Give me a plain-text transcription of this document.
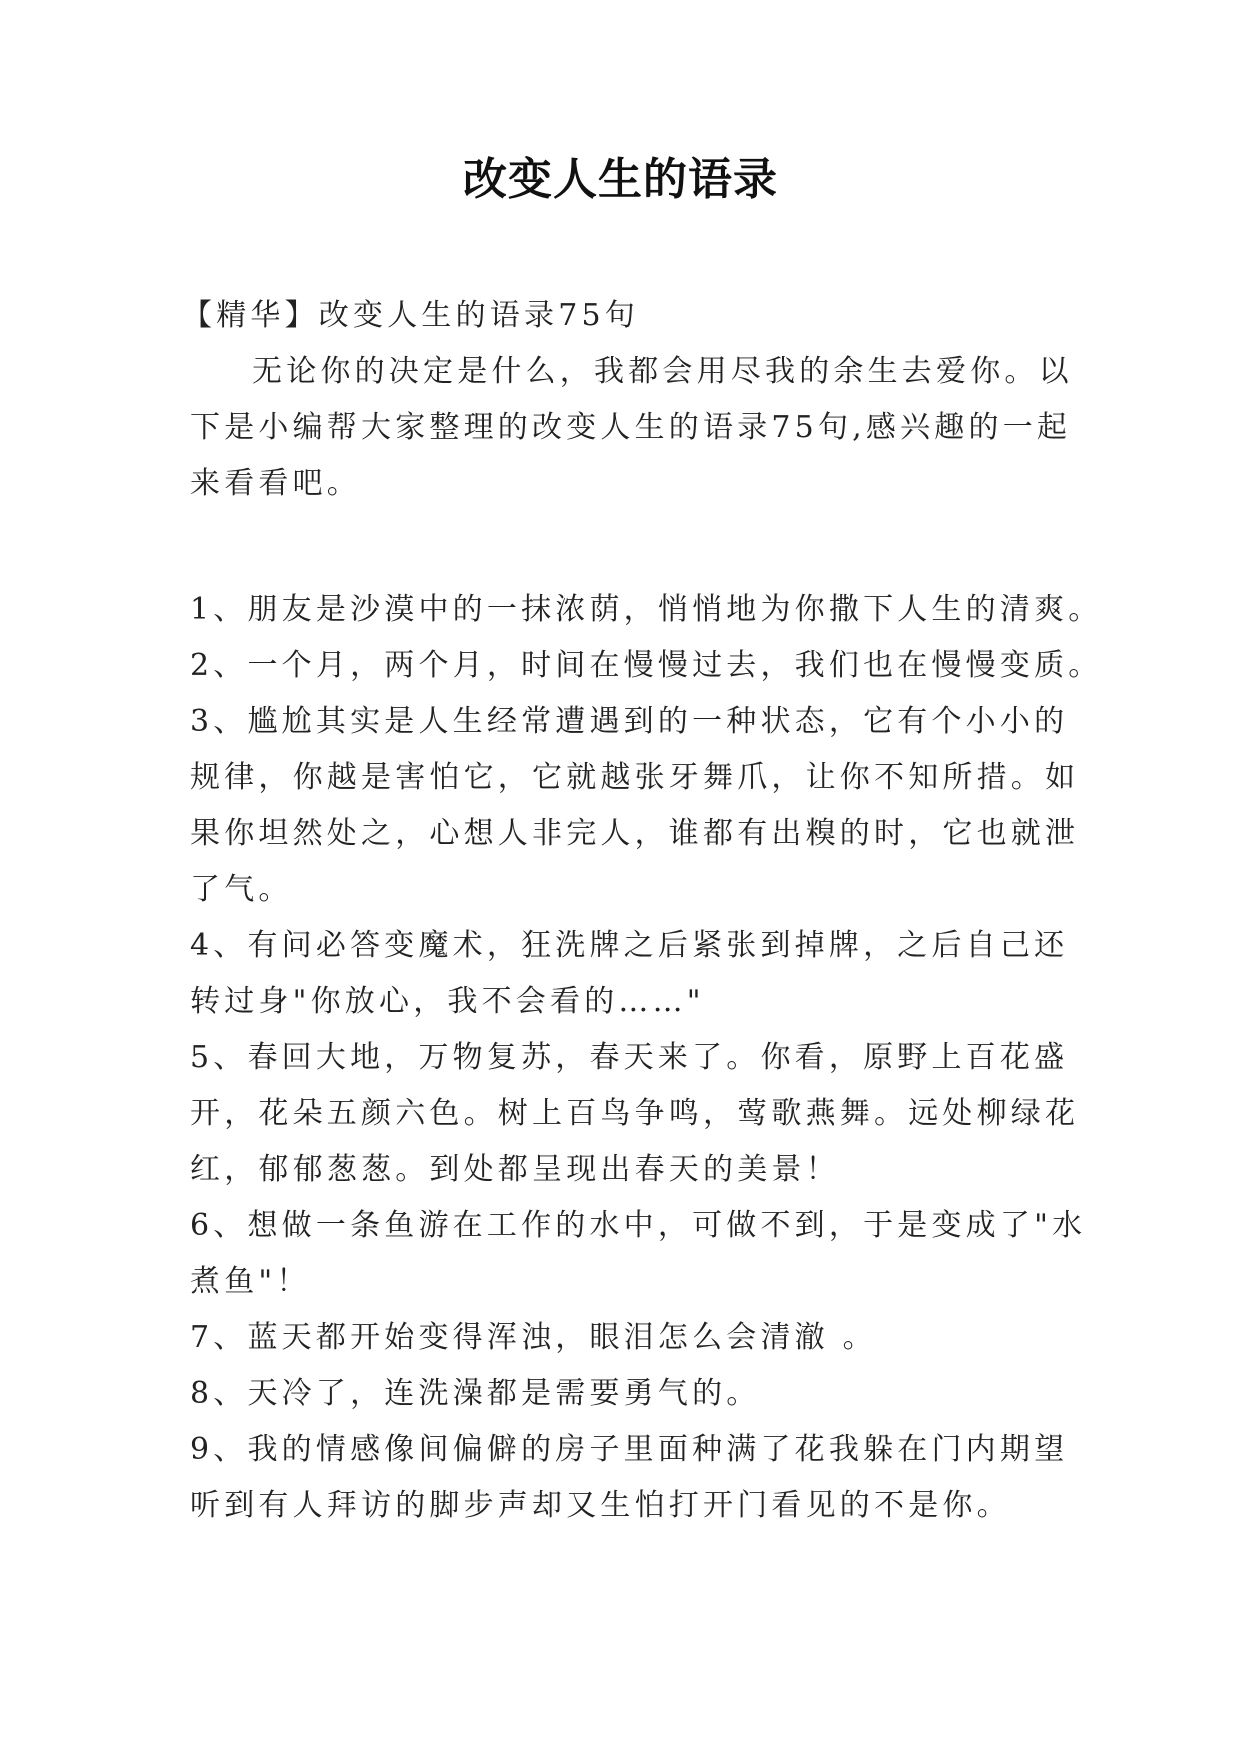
改变人生的语录

【精华】改变人生的语录75句

无论你的决定是什么，我都会用尽我的余生去爱你。以

下是小编帮大家整理的改变人生的语录75句,感兴趣的一起

来看看吧。

1、朋友是沙漠中的一抹浓荫，悄悄地为你撒下人生的清爽。

2、一个月，两个月，时间在慢慢过去，我们也在慢慢变质。

3、尴尬其实是人生经常遭遇到的一种状态，它有个小小的

规律，你越是害怕它，它就越张牙舞爪，让你不知所措。如

果你坦然处之，心想人非完人，谁都有出糗的时，它也就泄

了气。

4、有问必答变魔术，狂洗牌之后紧张到掉牌，之后自己还

转过身"你放心，我不会看的……"

5、春回大地，万物复苏，春天来了。你看，原野上百花盛

开，花朵五颜六色。树上百鸟争鸣，莺歌燕舞。远处柳绿花

红，郁郁葱葱。到处都呈现出春天的美景！

6、想做一条鱼游在工作的水中，可做不到，于是变成了"水

煮鱼"！

7、蓝天都开始变得浑浊，眼泪怎么会清澈 。

8、天冷了，连洗澡都是需要勇气的。

9、我的情感像间偏僻的房子里面种满了花我躲在门内期望

听到有人拜访的脚步声却又生怕打开门看见的不是你。
